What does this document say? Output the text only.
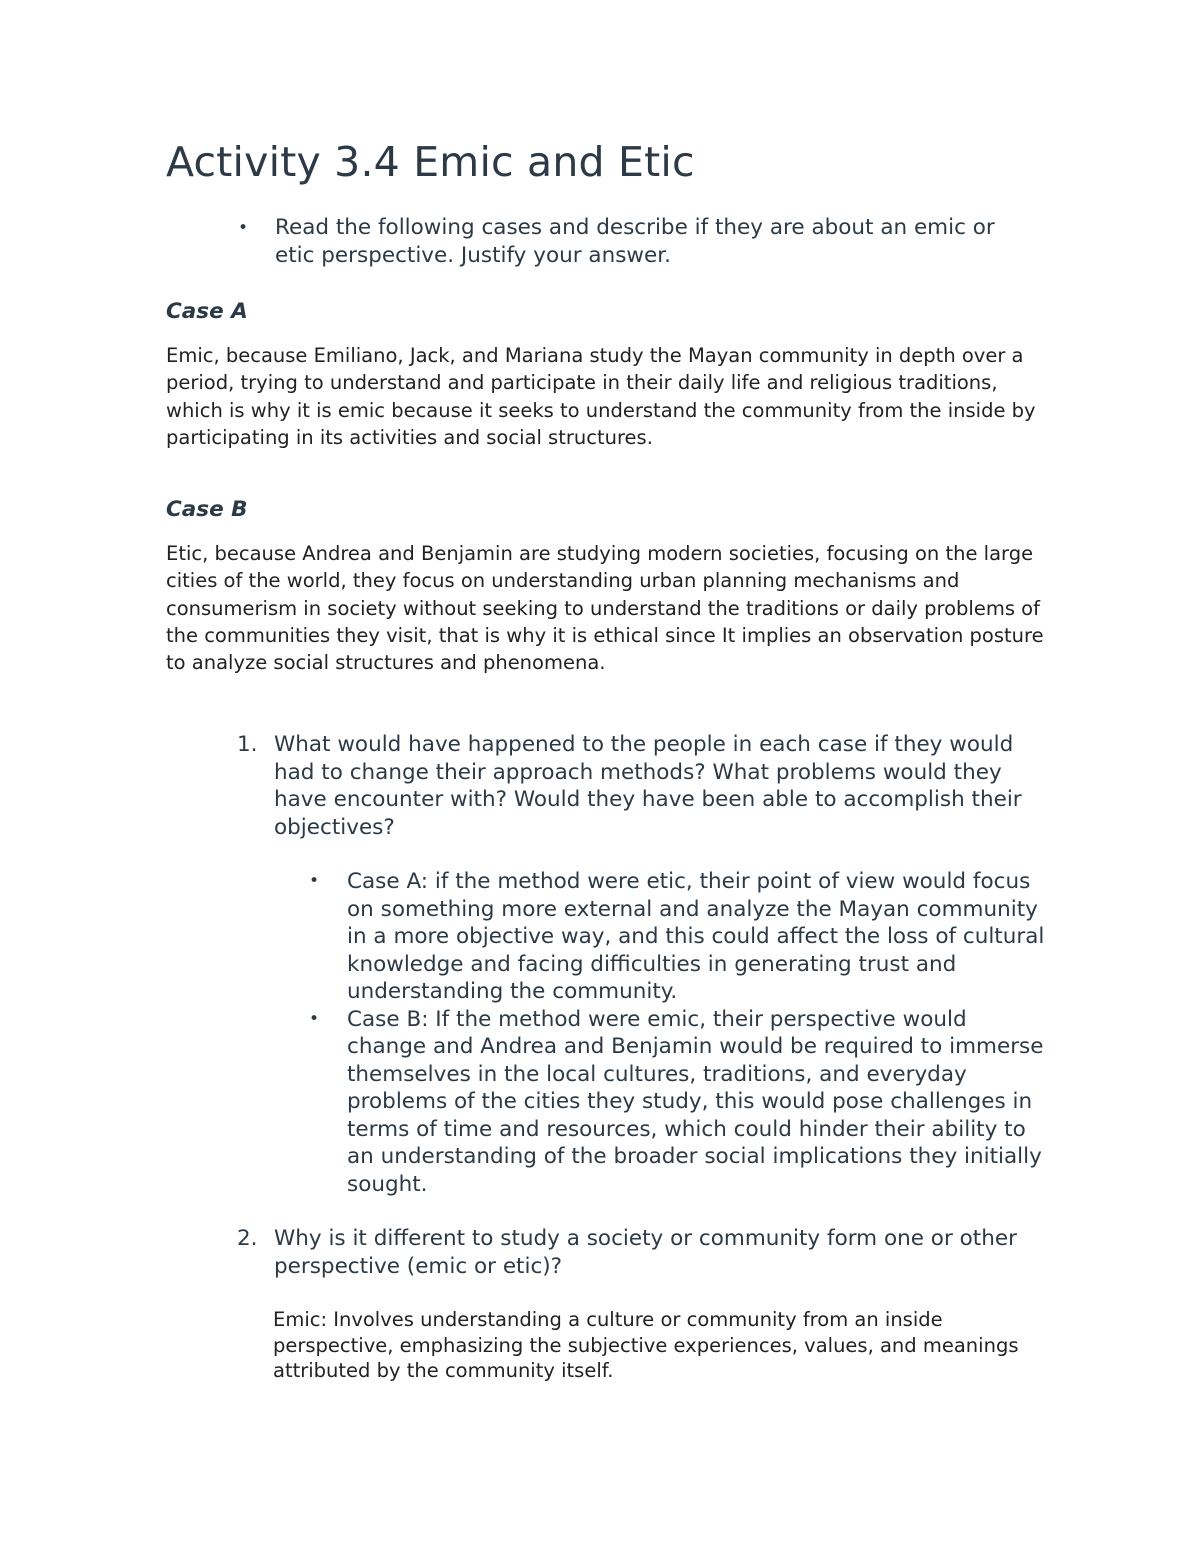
Activity 3.4 Emic and Etic
•	Read the following cases and describe if they are about an emic or etic perspective. Justify your answer.
Case A
Emic, because Emiliano, Jack, and Mariana study the Mayan community in depth over a period, trying to understand and participate in their daily life and religious traditions, which is why it is emic because it seeks to understand the community from the inside by participating in its activities and social structures.
Case B
Etic, because Andrea and Benjamin are studying modern societies, focusing on the large cities of the world, they focus on understanding urban planning mechanisms and consumerism in society without seeking to understand the traditions or daily problems of the communities they visit, that is why it is ethical since It implies an observation posture to analyze social structures and phenomena.
1. What would have happened to the people in each case if they would had to change their approach methods? What problems would they have encounter with? Would they have been able to accomplish their objectives?
•	Case A: if the method were etic, their point of view would focus on something more external and analyze the Mayan community in a more objective way, and this could affect the loss of cultural knowledge and facing difficulties in generating trust and understanding the community.
•	Case B: If the method were emic, their perspective would change and Andrea and Benjamin would be required to immerse themselves in the local cultures, traditions, and everyday problems of the cities they study, this would pose challenges in terms of time and resources, which could hinder their ability to an understanding of the broader social implications they initially sought.
2. Why is it different to study a society or community form one or other perspective (emic or etic)?
Emic: Involves understanding a culture or community from an inside perspective, emphasizing the subjective experiences, values, and meanings attributed by the community itself.
